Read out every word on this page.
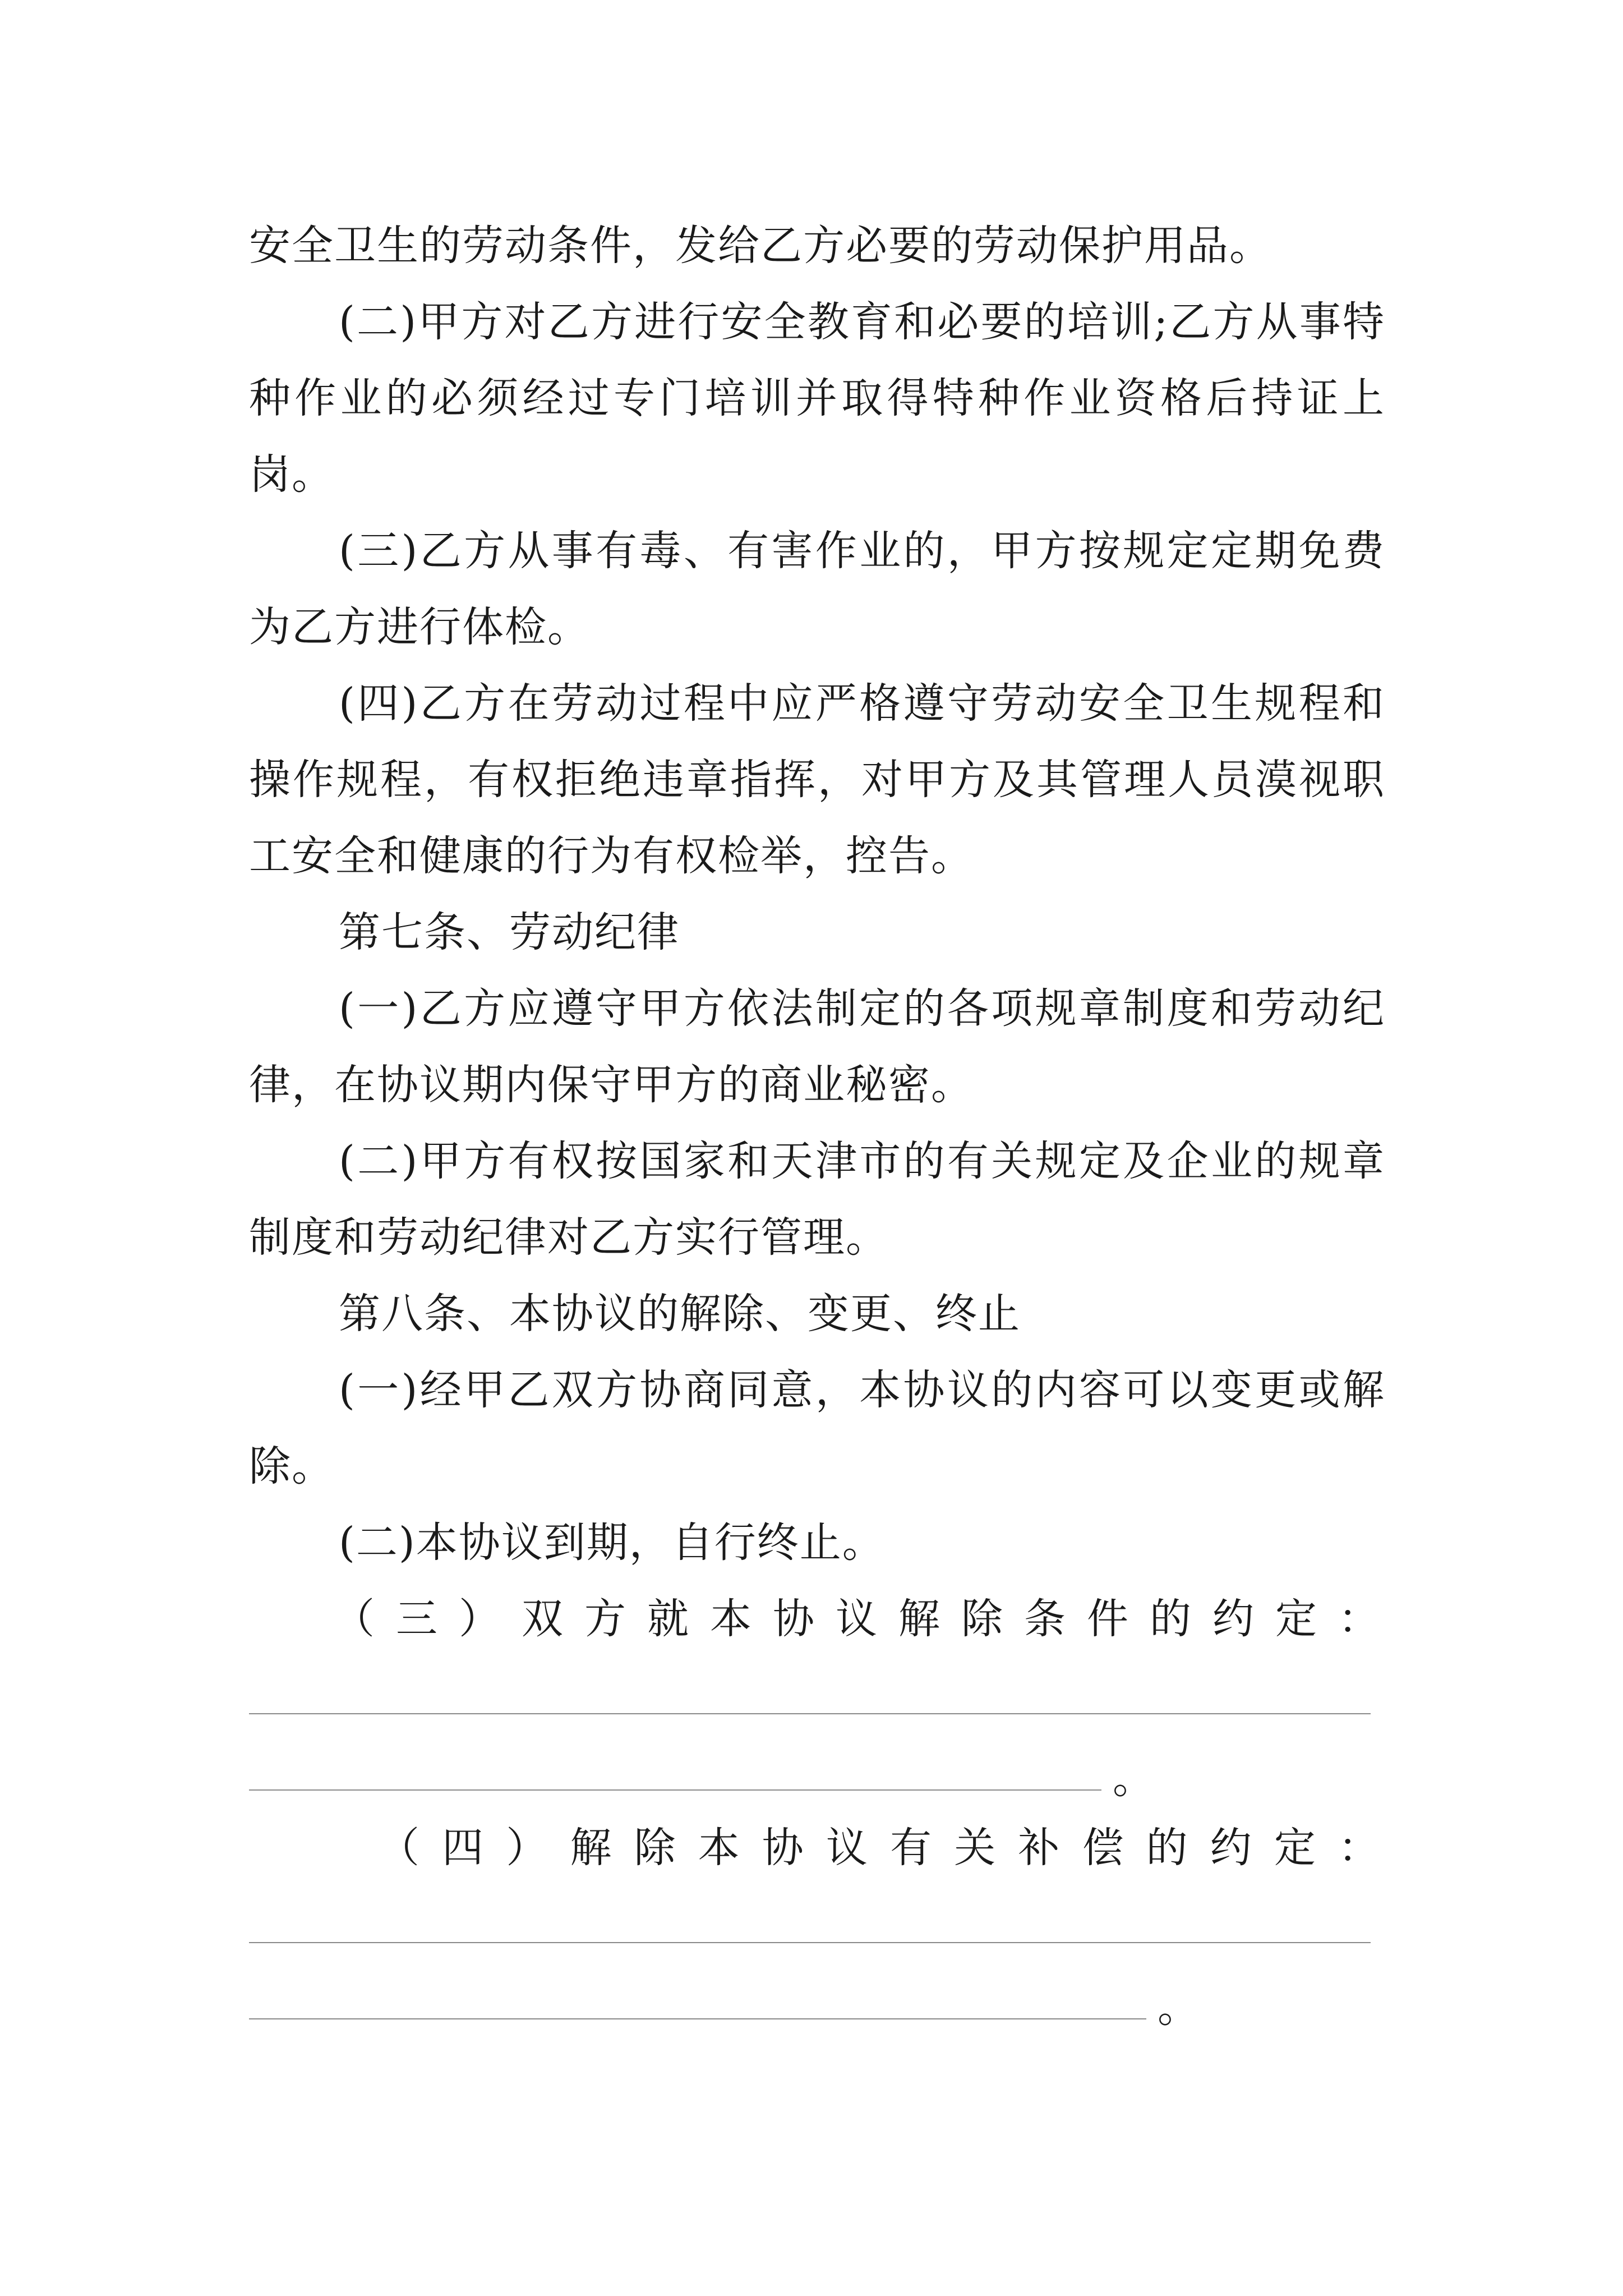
安全卫生的劳动条件，发给乙方必要的劳动保护用品。

(二)甲方对乙方进行安全教育和必要的培训;乙方从事特种作业的必须经过专门培训并取得特种作业资格后持证上岗。

(三)乙方从事有毒、有害作业的，甲方按规定定期免费为乙方进行体检。

(四)乙方在劳动过程中应严格遵守劳动安全卫生规程和操作规程，有权拒绝违章指挥，对甲方及其管理人员漠视职工安全和健康的行为有权检举，控告。

第七条、劳动纪律

(一)乙方应遵守甲方依法制定的各项规章制度和劳动纪律，在协议期内保守甲方的商业秘密。

(二)甲方有权按国家和天津市的有关规定及企业的规章制度和劳动纪律对乙方实行管理。

第八条、本协议的解除、变更、终止

(一)经甲乙双方协商同意，本协议的内容可以变更或解除。

(二)本协议到期，自行终止。

（三）双方就本协议解除条件的约定：

。

（四）解除本协议有关补偿的约定：

。
